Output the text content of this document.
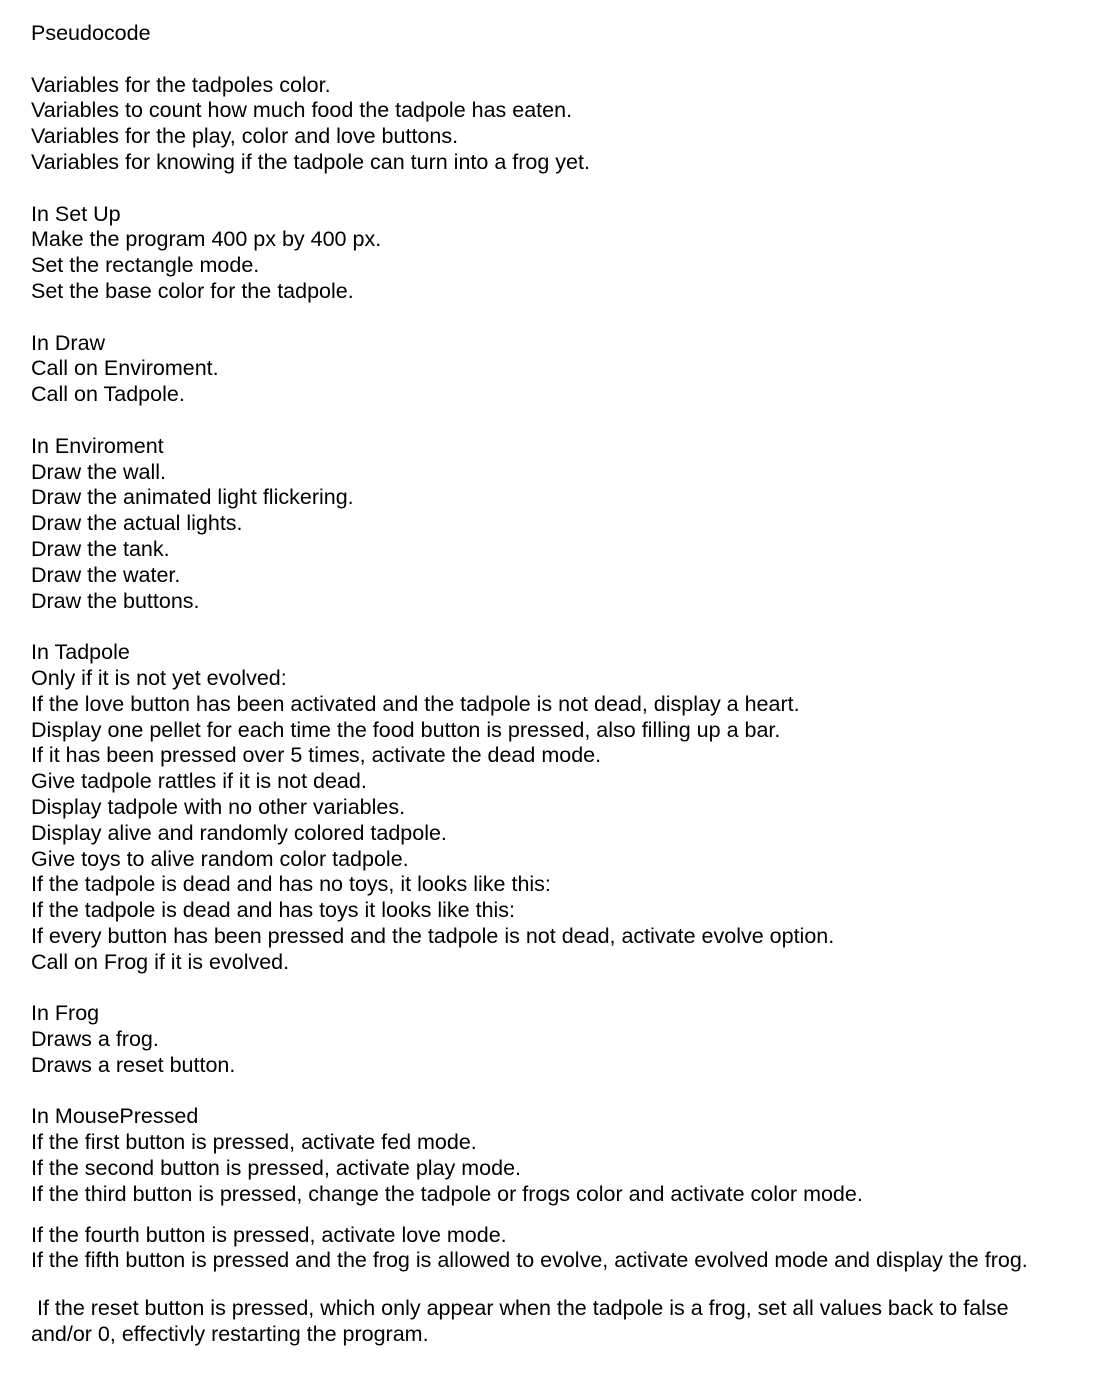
Pseudocode
Variables for the tadpoles color.
Variables to count how much food the tadpole has eaten.
Variables for the play, color and love buttons.
Variables for knowing if the tadpole can turn into a frog yet.
In Set Up
Make the program 400 px by 400 px.
Set the rectangle mode.
Set the base color for the tadpole.
In Draw
Call on Enviroment.
Call on Tadpole.
In Enviroment
Draw the wall.
Draw the animated light flickering.
Draw the actual lights.
Draw the tank.
Draw the water.
Draw the buttons.
In Tadpole
Only if it is not yet evolved:
If the love button has been activated and the tadpole is not dead, display a heart.
Display one pellet for each time the food button is pressed, also filling up a bar.
If it has been pressed over 5 times, activate the dead mode.
Give tadpole rattles if it is not dead.
Display tadpole with no other variables.
Display alive and randomly colored tadpole.
Give toys to alive random color tadpole.
If the tadpole is dead and has no toys, it looks like this:
If the tadpole is dead and has toys it looks like this:
If every button has been pressed and the tadpole is not dead, activate evolve option.
Call on Frog if it is evolved.
In Frog
Draws a frog.
Draws a reset button.
In MousePressed
If the first button is pressed, activate fed mode.
If the second button is pressed, activate play mode.
If the third button is pressed, change the tadpole or frogs color and activate color mode.
If the fourth button is pressed, activate love mode.
If the fifth button is pressed and the frog is allowed to evolve, activate evolved mode and display the frog.
If the reset button is pressed, which only appear when the tadpole is a frog, set all values back to false and/or 0, effectivly restarting the program.
